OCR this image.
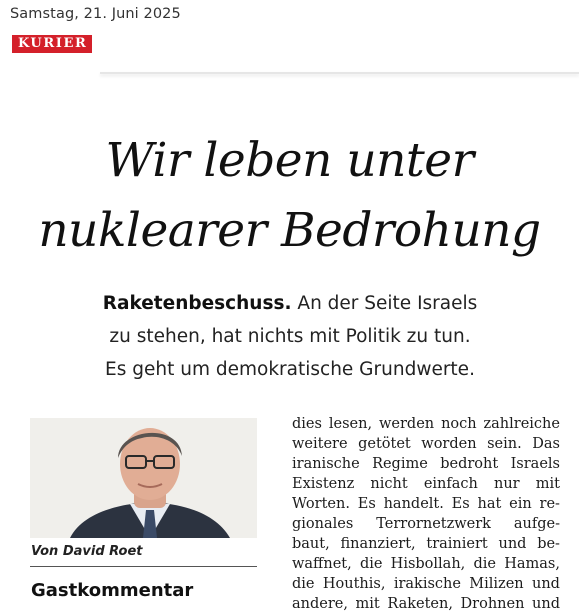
Samstag, 21. Juni 2025
KURIER
Wir leben unter
nuklearer Bedrohung
Raketenbeschuss. An der Seite Israels
zu stehen, hat nichts mit Politik zu tun.
Es geht um demokratische Grundwerte.
Von David Roet
Gastkommentar
dies lesen, werden noch zahlreiche
weitere getötet worden sein. Das
iranische Regime bedroht Israels
Existenz nicht einfach nur mit
Worten. Es handelt. Es hat ein re-
gionales Terrornetzwerk aufge-
baut, finanziert, trainiert und be-
waffnet, die Hisbollah, die Hamas,
die Houthis, irakische Milizen und
andere, mit Raketen, Drohnen und
